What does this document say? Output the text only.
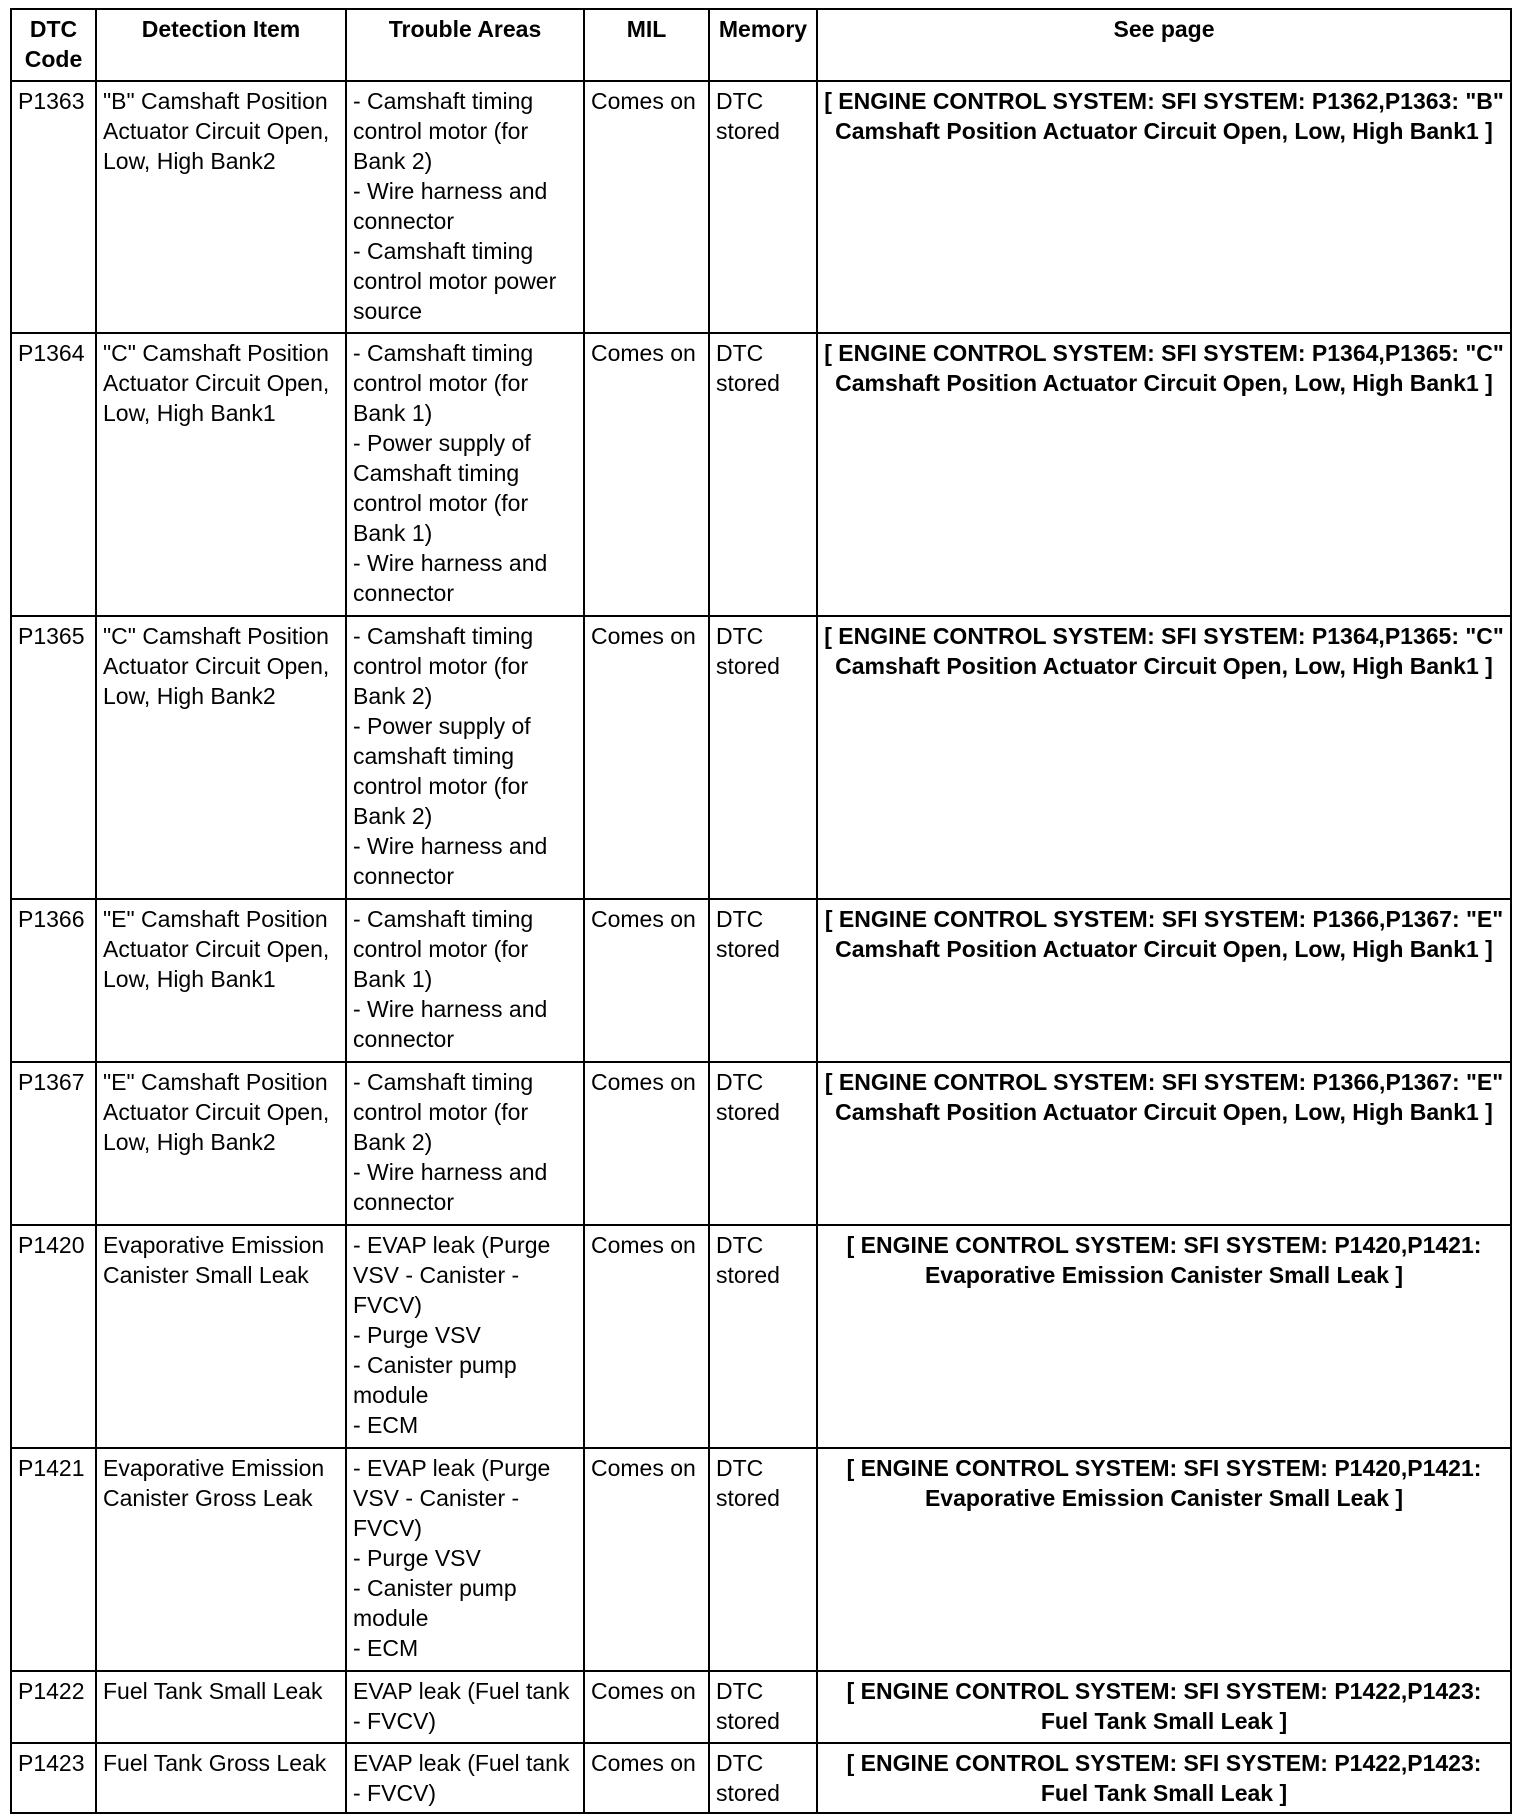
DTC
Code	Detection Item	Trouble Areas	MIL	Memory	See page
P1363	"B" Camshaft Position Actuator Circuit Open, Low, High Bank2	- Camshaft timing control motor (for Bank 2)
- Wire harness and connector
- Camshaft timing control motor power source	Comes on	DTC stored	[ ENGINE CONTROL SYSTEM: SFI SYSTEM: P1362,P1363: "B" Camshaft Position Actuator Circuit Open, Low, High Bank1 ]
P1364	"C" Camshaft Position Actuator Circuit Open, Low, High Bank1	- Camshaft timing control motor (for Bank 1)
- Power supply of Camshaft timing control motor (for Bank 1)
- Wire harness and connector	Comes on	DTC stored	[ ENGINE CONTROL SYSTEM: SFI SYSTEM: P1364,P1365: "C" Camshaft Position Actuator Circuit Open, Low, High Bank1 ]
P1365	"C" Camshaft Position Actuator Circuit Open, Low, High Bank2	- Camshaft timing control motor (for Bank 2)
- Power supply of camshaft timing control motor (for Bank 2)
- Wire harness and connector	Comes on	DTC stored	[ ENGINE CONTROL SYSTEM: SFI SYSTEM: P1364,P1365: "C" Camshaft Position Actuator Circuit Open, Low, High Bank1 ]
P1366	"E" Camshaft Position Actuator Circuit Open, Low, High Bank1	- Camshaft timing control motor (for Bank 1)
- Wire harness and connector	Comes on	DTC stored	[ ENGINE CONTROL SYSTEM: SFI SYSTEM: P1366,P1367: "E" Camshaft Position Actuator Circuit Open, Low, High Bank1 ]
P1367	"E" Camshaft Position Actuator Circuit Open, Low, High Bank2	- Camshaft timing control motor (for Bank 2)
- Wire harness and connector	Comes on	DTC stored	[ ENGINE CONTROL SYSTEM: SFI SYSTEM: P1366,P1367: "E" Camshaft Position Actuator Circuit Open, Low, High Bank1 ]
P1420	Evaporative Emission Canister Small Leak	- EVAP leak (Purge VSV - Canister - FVCV)
- Purge VSV
- Canister pump module
- ECM	Comes on	DTC stored	[ ENGINE CONTROL SYSTEM: SFI SYSTEM: P1420,P1421: Evaporative Emission Canister Small Leak ]
P1421	Evaporative Emission Canister Gross Leak	- EVAP leak (Purge VSV - Canister - FVCV)
- Purge VSV
- Canister pump module
- ECM	Comes on	DTC stored	[ ENGINE CONTROL SYSTEM: SFI SYSTEM: P1420,P1421: Evaporative Emission Canister Small Leak ]
P1422	Fuel Tank Small Leak	EVAP leak (Fuel tank - FVCV)	Comes on	DTC stored	[ ENGINE CONTROL SYSTEM: SFI SYSTEM: P1422,P1423: Fuel Tank Small Leak ]
P1423	Fuel Tank Gross Leak	EVAP leak (Fuel tank - FVCV)	Comes on	DTC stored	[ ENGINE CONTROL SYSTEM: SFI SYSTEM: P1422,P1423: Fuel Tank Small Leak ]
